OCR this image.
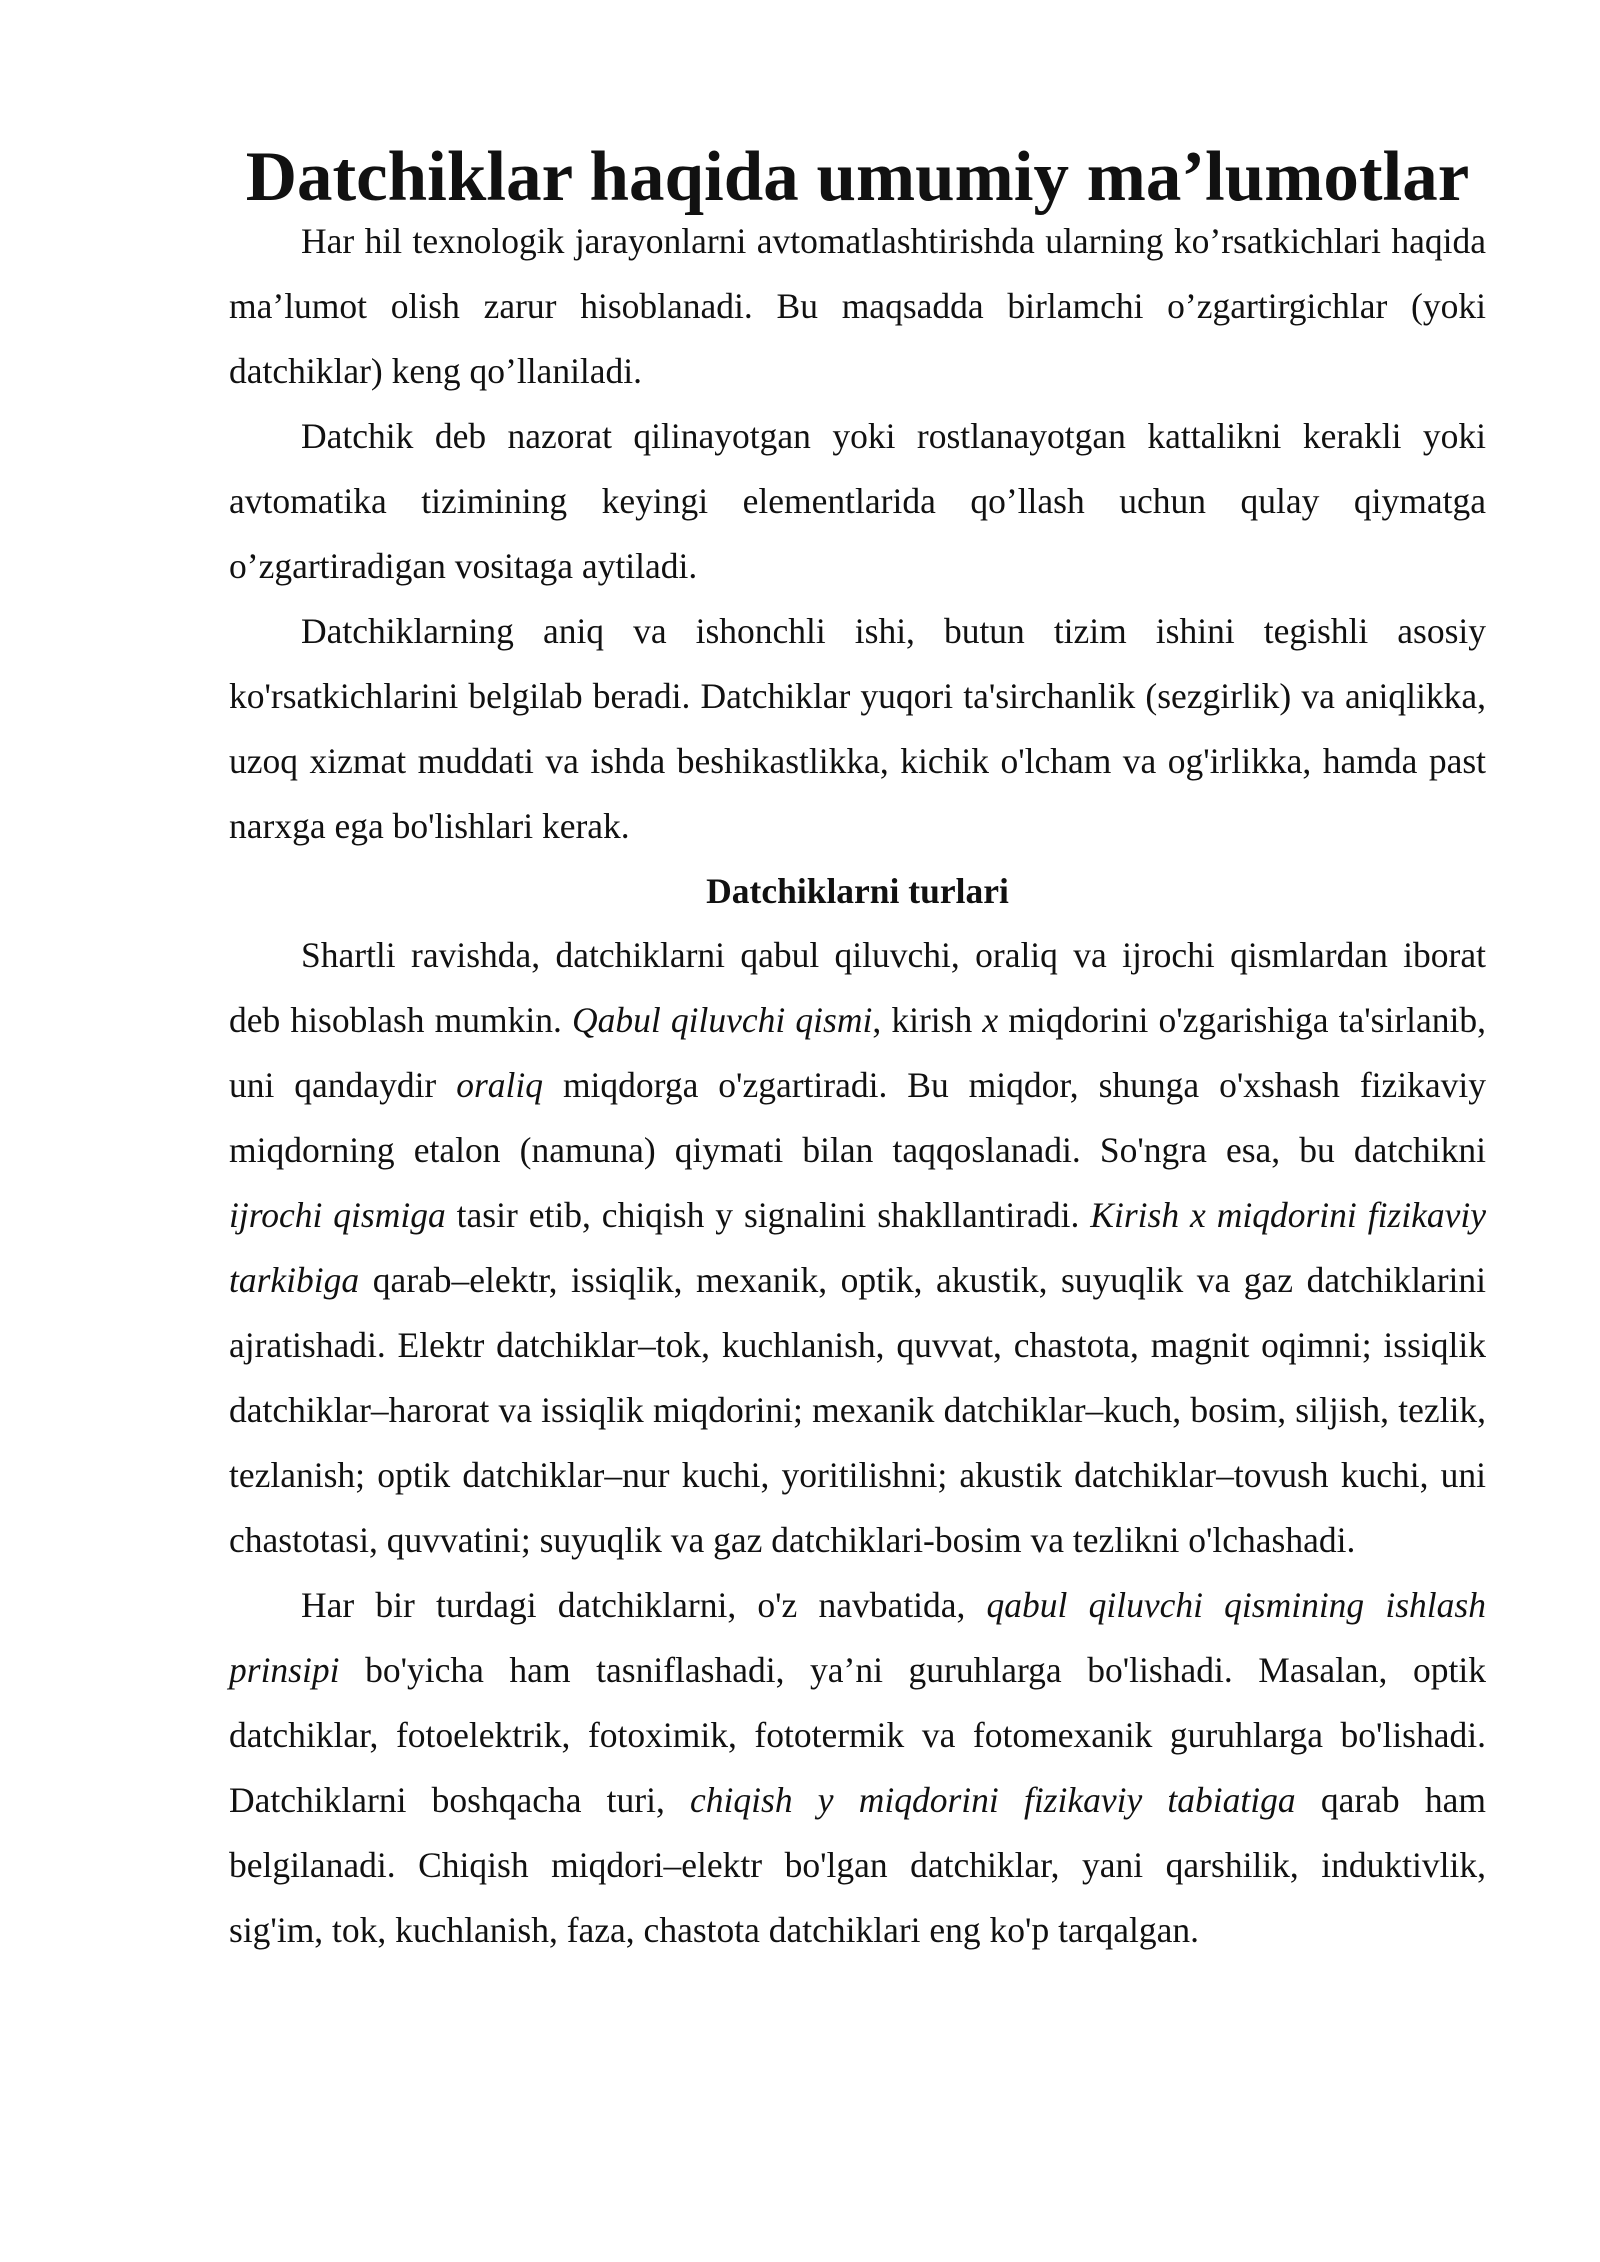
Datchiklar haqida umumiy ma’lumotlar

Har hil texnologik jarayonlarni avtomatlashtirishda ularning ko’rsatkichlari haqida ma’lumot olish zarur hisoblanadi. Bu maqsadda birlamchi o’zgartirgichlar (yoki datchiklar) keng qo’llaniladi.

Datchik deb nazorat qilinayotgan yoki rostlanayotgan kattalikni kerakli yoki avtomatika tizimining keyingi elementlarida qo’llash uchun qulay qiymatga o’zgartiradigan vositaga aytiladi.

Datchiklarning aniq va ishonchli ishi, butun tizim ishini tegishli asosiy ko'rsatkichlarini belgilab beradi. Datchiklar yuqori ta'sirchanlik (sezgirlik) va aniqlikka, uzoq xizmat muddati va ishda beshikastlikka, kichik o'lcham va og'irlikka, hamda past narxga ega bo'lishlari kerak.

Datchiklarni turlari

Shartli ravishda, datchiklarni qabul qiluvchi, oraliq va ijrochi qismlardan iborat deb hisoblash mumkin. Qabul qiluvchi qismi, kirish x miqdorini o'zgarishiga ta'sirlanib, uni qandaydir oraliq miqdorga o'zgartiradi. Bu miqdor, shunga o'xshash fizikaviy miqdorning etalon (namuna) qiymati bilan taqqoslanadi. So'ngra esa, bu datchikni ijrochi qismiga tasir etib, chiqish y signalini shakllantiradi. Kirish x miqdorini fizikaviy tarkibiga qarab–elektr, issiqlik, mexanik, optik, akustik, suyuqlik va gaz datchiklarini ajratishadi. Elektr datchiklar–tok, kuchlanish, quvvat, chastota, magnit oqimni; issiqlik datchiklar–harorat va issiqlik miqdorini; mexanik datchiklar–kuch, bosim, siljish, tezlik, tezlanish; optik datchiklar–nur kuchi, yoritilishni; akustik datchiklar–tovush kuchi, uni chastotasi, quvvatini; suyuqlik va gaz datchiklari-bosim va tezlikni o'lchashadi.

Har bir turdagi datchiklarni, o'z navbatida, qabul qiluvchi qismining ishlash prinsipi bo'yicha ham tasniflashadi, ya’ni guruhlarga bo'lishadi. Masalan, optik datchiklar, fotoelektrik, fotoximik, fototermik va fotomexanik guruhlarga bo'lishadi. Datchiklarni boshqacha turi, chiqish y miqdorini fizikaviy tabiatiga qarab ham belgilanadi. Chiqish miqdori–elektr bo'lgan datchiklar, yani qarshilik, induktivlik, sig'im, tok, kuchlanish, faza, chastota datchiklari eng ko'p tarqalgan.
